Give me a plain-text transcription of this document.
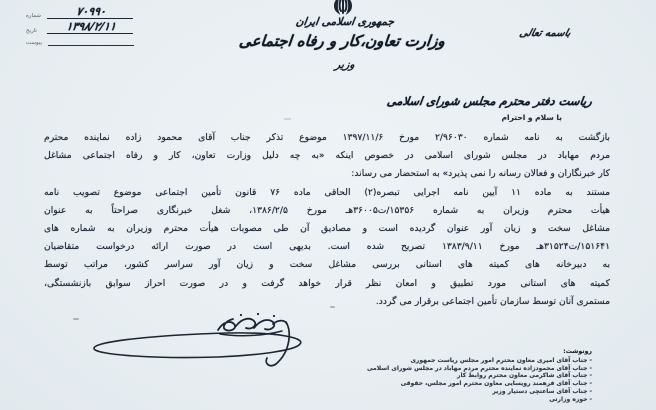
۷۰۹۹۰
شماره
۱۳۹۸/۲/۱۱
تاریخ
پیوست
جمهوری اسلامی ایران
وزارت تعاون،کار و رفاه اجتماعی
وزیر
باسمه تعالی
ریاست دفتر محترم مجلس شورای اسلامی
با سلام و احترام
بازگشت به نامه شماره ۲/۹۶۰۳۰ مورخ ۱۳۹۷/۱۱/۶ موضوع تذکر جناب آقای محمود زاده نماینده محترم
مردم مهاباد در مجلس شورای اسلامی در خصوص اینکه «به چه دلیل وزارت تعاون، کار و رفاه اجتماعی مشاغل
کار خبرنگاران و فعالان رسانه را نمی پذیرد» به استحضار می رساند:
مستند به ماده ۱۱ آیین نامه اجرایی تبصره(۲) الحاقی ماده ۷۶ قانون تأمین اجتماعی موضوع تصویب نامه
هیأت محترم وزیران به شماره ۱۵۳۵۶/ت۳۶۰۰۵هـ مورخ ۱۳۸۶/۲/۵، شغل خبرنگاری صراحتاً به عنوان
مشاغل سخت و زیان آور عنوان گردیده است و مصادیق آن طی مصوبات هیأت محترم وزیران به شماره های
۱۵۱۶۴۱/ت۳۱۵۲۴هـ مورخ ۱۳۸۳/۹/۱۱ تصریح شده است. بدیهی است در صورت ارائه درخواست متقاضیان
به دبیرخانه های کمیته های استانی بررسی مشاغل سخت و زیان آور سراسر کشور، مراتب توسط
کمیته های استانی مورد تطبیق و امعان نظر قرار خواهد گرفت و در صورت احراز سوابق بازنشستگی،
مستمری آنان توسط سازمان تأمین اجتماعی برقرار می گردد.
رونوشت:
- جناب آقای امیری معاون محترم امور مجلس ریاست جمهوری
- جناب آقای محمودزاده نماینده محترم مردم مهاباد در مجلس شورای اسلامی
- جناب آقای شاکرمی معاون محترم روابط کار
- جناب آقای فرهمند رویسایی معاون محترم امور مجلس، حقوقی
- جناب آقای ساعتچی دستیار وزیر
- حوزه وزارتی
